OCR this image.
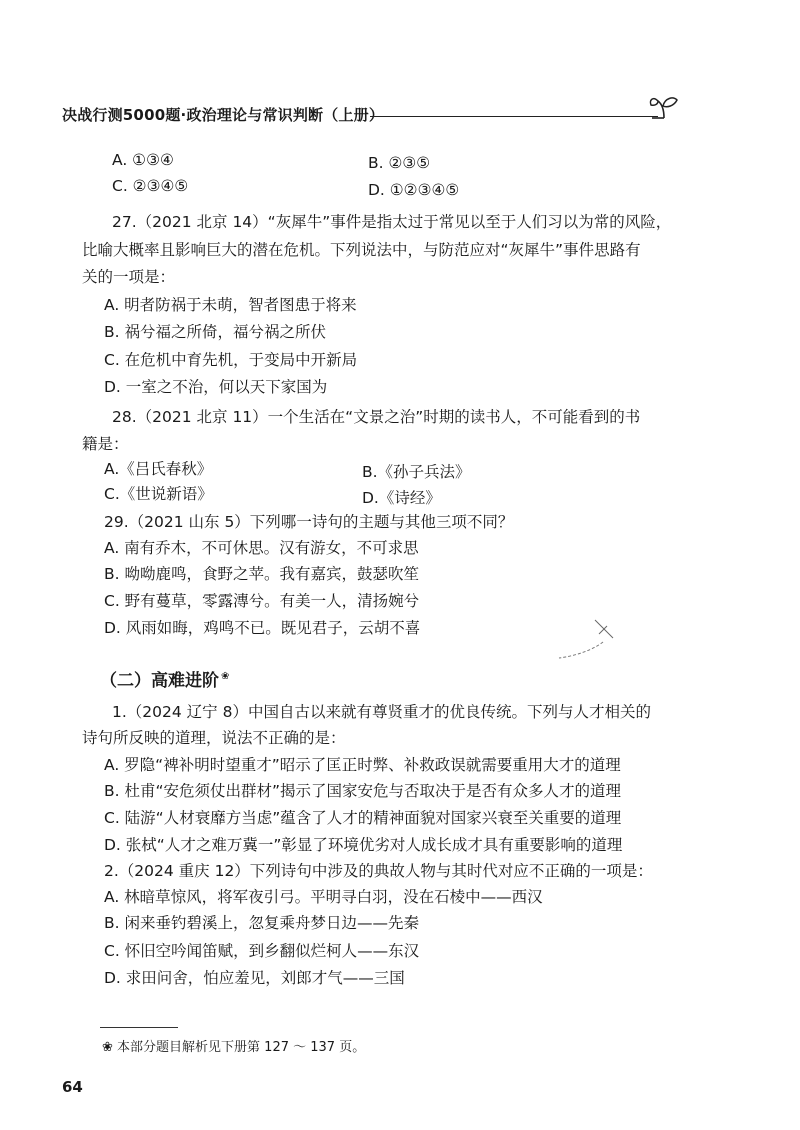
决战行测5000题·政治理论与常识判断（上册）
A. ①③④	B. ②③⑤
C. ②③④⑤	D. ①②③④⑤
27.（2021 北京 14）“灰犀牛”事件是指太过于常见以至于人们习以为常的风险，
比喻大概率且影响巨大的潜在危机。下列说法中，与防范应对“灰犀牛”事件思路有
关的一项是：
A. 明者防祸于未萌，智者图患于将来
B. 祸兮福之所倚，福兮祸之所伏
C. 在危机中育先机，于变局中开新局
D. 一室之不治，何以天下家国为
28.（2021 北京 11）一个生活在“文景之治”时期的读书人，不可能看到的书
籍是：
A.《吕氏春秋》	B.《孙子兵法》
C.《世说新语》	D.《诗经》
29.（2021 山东 5）下列哪一诗句的主题与其他三项不同？
A. 南有乔木，不可休思。汉有游女，不可求思
B. 呦呦鹿鸣，食野之苹。我有嘉宾，鼓瑟吹笙
C. 野有蔓草，零露漙兮。有美一人，清扬婉兮
D. 风雨如晦，鸡鸣不已。既见君子，云胡不喜
（二）高难进阶 ❀
1.（2024 辽宁 8）中国自古以来就有尊贤重才的优良传统。下列与人才相关的
诗句所反映的道理，说法不正确的是：
A. 罗隐“裨补明时望重才”昭示了匡正时弊、补救政误就需要重用大才的道理
B. 杜甫“安危须仗出群材”揭示了国家安危与否取决于是否有众多人才的道理
C. 陆游“人材衰靡方当虑”蕴含了人才的精神面貌对国家兴衰至关重要的道理
D. 张栻“人才之难万冀一”彰显了环境优劣对人成长成才具有重要影响的道理
2.（2024 重庆 12）下列诗句中涉及的典故人物与其时代对应不正确的一项是：
A. 林暗草惊风，将军夜引弓。平明寻白羽，没在石棱中——西汉
B. 闲来垂钓碧溪上，忽复乘舟梦日边——先秦
C. 怀旧空吟闻笛赋，到乡翻似烂柯人——东汉
D. 求田问舍，怕应羞见，刘郎才气——三国
❀ 本部分题目解析见下册第 127 ～ 137 页。
64
